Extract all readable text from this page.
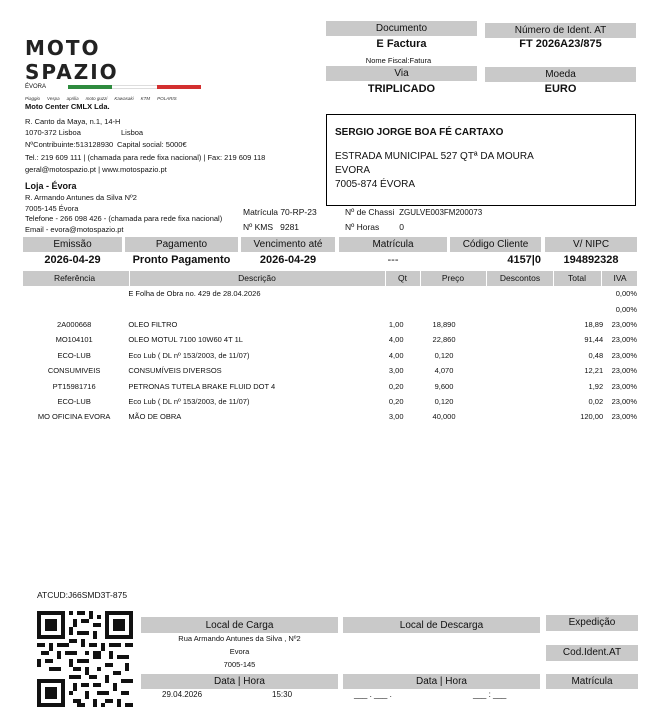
MOTO SPAZIO
ÉVORA
Piaggio Vespa aprilia moto guzzi Kawasaki KTM POLARIS
Moto Center CMLX Lda.
R. Canto da Maya, n.1, 14-H
1070-372 Lisboa	Lisboa
NºContribuinte:513128930 Capital social: 5000€
Tel.: 219 609 111 | (chamada para rede fixa nacional) | Fax: 219 609 118
geral@motospazio.pt | www.motospazio.pt
Loja - Évora
R. Armando Antunes da Silva Nº2
7005-145 Évora
Telefone - 266 098 426 - (chamada para rede fixa nacional)
Email - evora@motospazio.pt
Matrícula 70-RP-23
Nº KMS 9281
Nº de Chassi ZGULVE003FM200073
Nº Horas 0
Documento
E Factura
Nome Fiscal:Fatura
Número de Ident. AT
FT 2026A23/875
Via
TRIPLICADO
Moeda
EURO
SERGIO JORGE BOA FÉ CARTAXO
ESTRADA MUNICIPAL 527 QTª DA MOURA
EVORA
7005-874 ÉVORA
Emissão	Pagamento	Vencimento até	Matrícula	Código Cliente	V/ NIPC
2026-04-29	Pronto Pagamento	2026-04-29	---	4157|0	194892328
Referência	Descrição	Qt	Preço	Descontos	Total	IVA
	E Folha de Obra no. 429 de 28.04.2026					0,00%
						0,00%
2A000668	OLEO FILTRO	1,00	18,890		18,89	23,00%
MO104101	OLEO MOTUL 7100 10W60 4T 1L	4,00	22,860		91,44	23,00%
ECO-LUB	Eco Lub ( DL nº 153/2003, de 11/07)	4,00	0,120		0,48	23,00%
CONSUMIVEIS	CONSUMÍVEIS DIVERSOS	3,00	4,070		12,21	23,00%
PT15981716	PETRONAS TUTELA BRAKE FLUID DOT 4	0,20	9,600		1,92	23,00%
ECO-LUB	Eco Lub ( DL nº 153/2003, de 11/07)	0,20	0,120		0,02	23,00%
MO OFICINA EVORA	MÃO DE OBRA	3,00	40,000		120,00	23,00%
ATCUD:J66SMD3T-875
Local de Carga
Rua Armando Antunes da Silva , Nº2
Evora
7005-145
Local de Descarga	Expedição
Cod.Ident.AT
Data | Hora	Data | Hora	Matrícula
29.04.2026	15:30	___ . ___ .	___ : ___
